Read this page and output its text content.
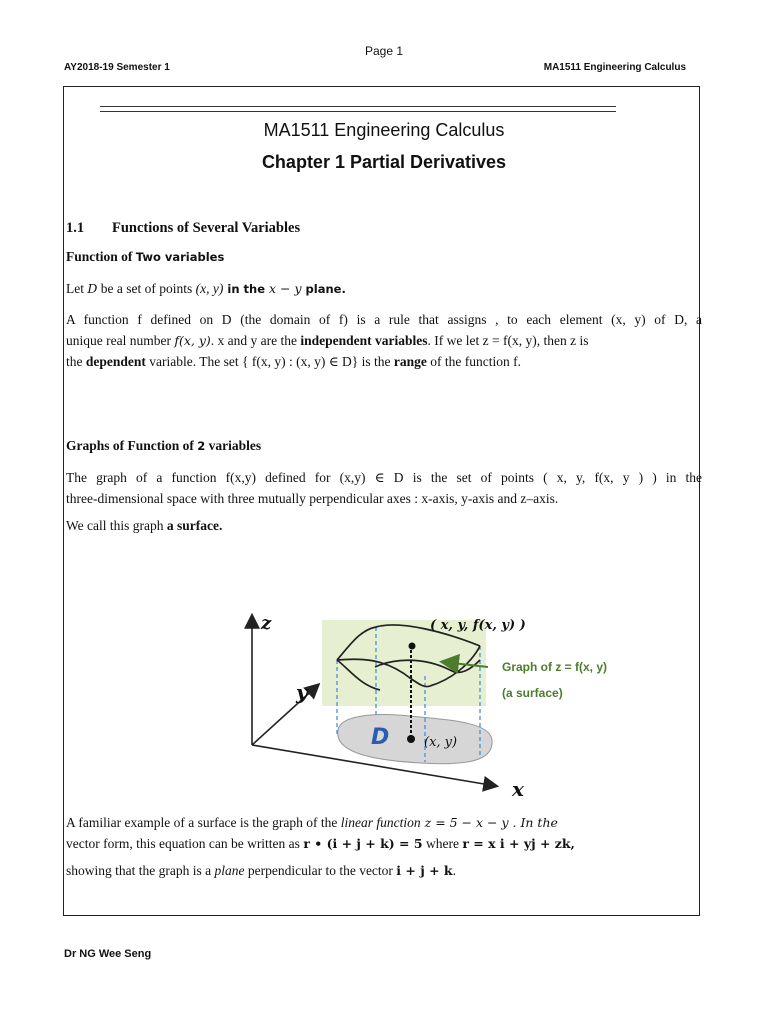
Page 1
AY2018-19 Semester 1	MA1511 Engineering Calculus
MA1511 Engineering Calculus
Chapter 1 Partial Derivatives
1.1 Functions of Several Variables
Function of Two variables
Let D be a set of points (x, y) in the x − y plane.
A function f defined on D (the domain of f) is a rule that assigns , to each element (x, y) of D, a
unique real number f(x, y). x and y are the independent variables. If we let z = f(x, y), then z is
the dependent variable. The set { f(x, y) : (x, y) ∈ D} is the range of the function f.
Graphs of Function of 2 variables
The graph of a function f(x,y) defined for (x,y) ∈ D is the set of points ( x, y, f(x, y ) ) in the
three-dimensional space with three mutually perpendicular axes : x-axis, y-axis and z–axis.
We call this graph a surface.
z
y
x
( x, y, f(x, y) )
D	(x, y)
Graph of z = f(x, y)
(a surface)
A familiar example of a surface is the graph of the linear function z = 5 − x − y . In the
vector form, this equation can be written as r • (i + j + k) = 5 where r = x i + yj + zk,
showing that the graph is a plane perpendicular to the vector i + j + k.
Dr NG Wee Seng
